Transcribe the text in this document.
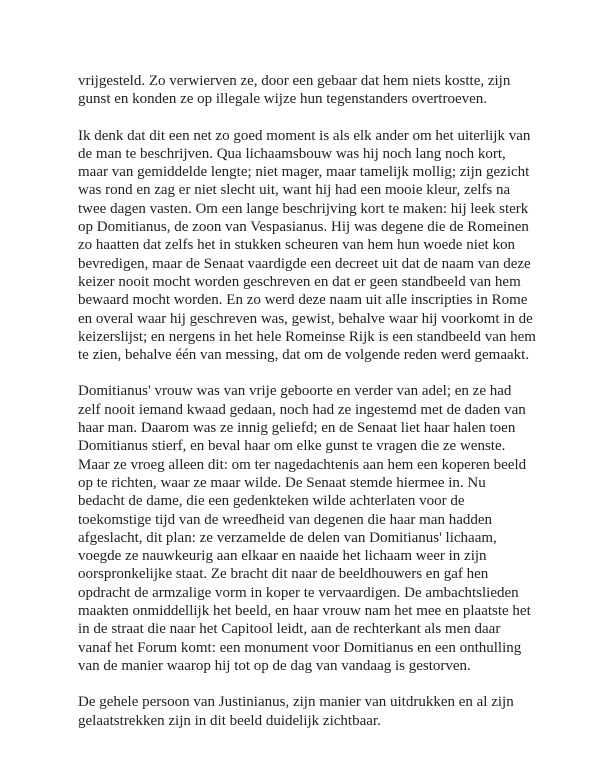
vrijgesteld. Zo verwierven ze, door een gebaar dat hem niets kostte, zijn
gunst en konden ze op illegale wijze hun tegenstanders overtroeven.

Ik denk dat dit een net zo goed moment is als elk ander om het uiterlijk van
de man te beschrijven. Qua lichaamsbouw was hij noch lang noch kort,
maar van gemiddelde lengte; niet mager, maar tamelijk mollig; zijn gezicht
was rond en zag er niet slecht uit, want hij had een mooie kleur, zelfs na
twee dagen vasten. Om een lange beschrijving kort te maken: hij leek sterk
op Domitianus, de zoon van Vespasianus. Hij was degene die de Romeinen
zo haatten dat zelfs het in stukken scheuren van hem hun woede niet kon
bevredigen, maar de Senaat vaardigde een decreet uit dat de naam van deze
keizer nooit mocht worden geschreven en dat er geen standbeeld van hem
bewaard mocht worden. En zo werd deze naam uit alle inscripties in Rome
en overal waar hij geschreven was, gewist, behalve waar hij voorkomt in de
keizerslijst; en nergens in het hele Romeinse Rijk is een standbeeld van hem
te zien, behalve één van messing, dat om de volgende reden werd gemaakt.

Domitianus' vrouw was van vrije geboorte en verder van adel; en ze had
zelf nooit iemand kwaad gedaan, noch had ze ingestemd met de daden van
haar man. Daarom was ze innig geliefd; en de Senaat liet haar halen toen
Domitianus stierf, en beval haar om elke gunst te vragen die ze wenste.
Maar ze vroeg alleen dit: om ter nagedachtenis aan hem een koperen beeld
op te richten, waar ze maar wilde. De Senaat stemde hiermee in. Nu
bedacht de dame, die een gedenkteken wilde achterlaten voor de
toekomstige tijd van de wreedheid van degenen die haar man hadden
afgeslacht, dit plan: ze verzamelde de delen van Domitianus' lichaam,
voegde ze nauwkeurig aan elkaar en naaide het lichaam weer in zijn
oorspronkelijke staat. Ze bracht dit naar de beeldhouwers en gaf hen
opdracht de armzalige vorm in koper te vervaardigen. De ambachtslieden
maakten onmiddellijk het beeld, en haar vrouw nam het mee en plaatste het
in de straat die naar het Capitool leidt, aan de rechterkant als men daar
vanaf het Forum komt: een monument voor Domitianus en een onthulling
van de manier waarop hij tot op de dag van vandaag is gestorven.

De gehele persoon van Justinianus, zijn manier van uitdrukken en al zijn
gelaatstrekken zijn in dit beeld duidelijk zichtbaar.
